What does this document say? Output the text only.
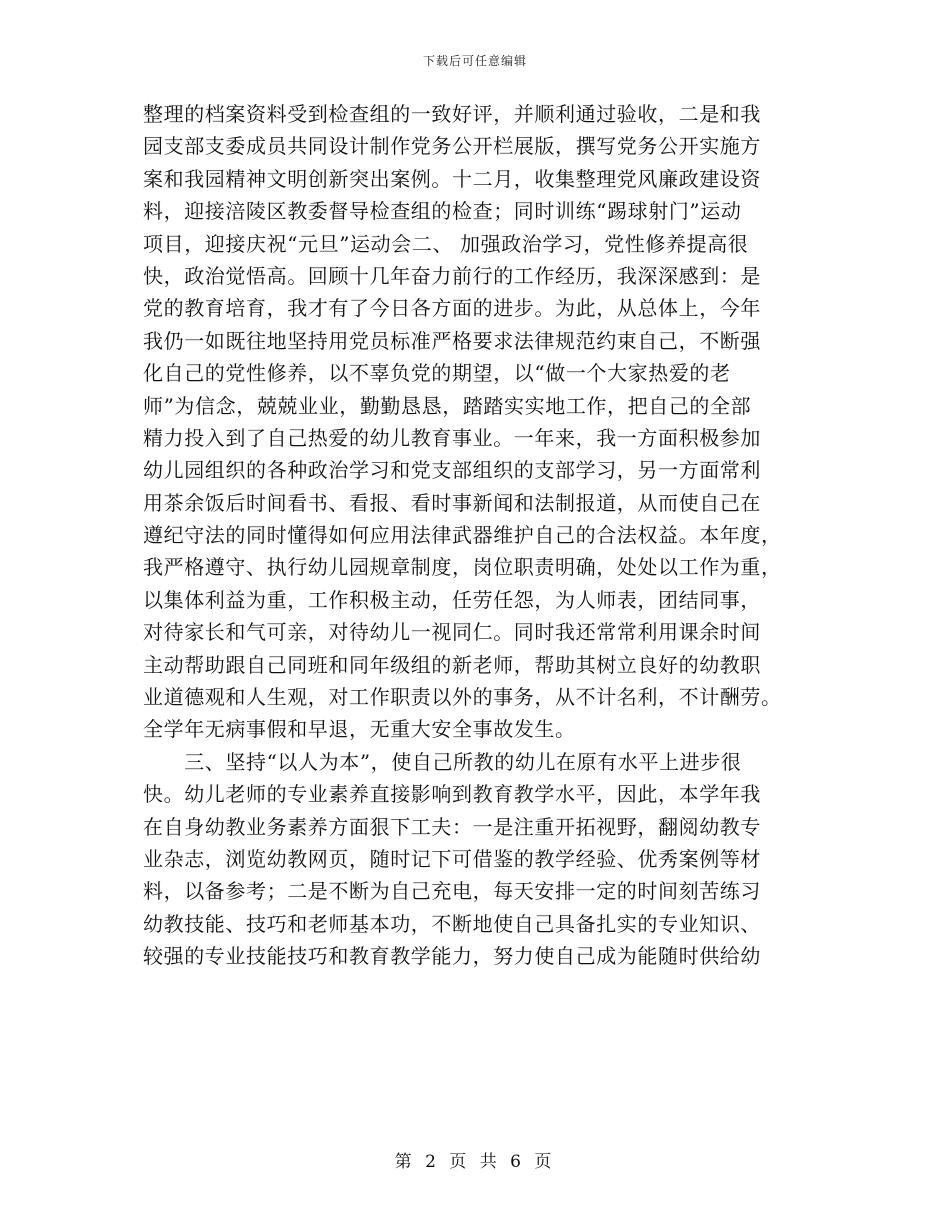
下载后可任意编辑
整理的档案资料受到检查组的一致好评，并顺利通过验收，二是和我
园支部支委成员共同设计制作党务公开栏展版，撰写党务公开实施方
案和我园精神文明创新突出案例。十二月，收集整理党风廉政建设资
料，迎接涪陵区教委督导检查组的检查；同时训练“踢球射门”运动
项目，迎接庆祝“元旦”运动会二、 加强政治学习，党性修养提高很
快，政治觉悟高。回顾十几年奋力前行的工作经历，我深深感到：是
党的教育培育，我才有了今日各方面的进步。为此，从总体上，今年
我仍一如既往地坚持用党员标准严格要求法律规范约束自己，不断强
化自己的党性修养，以不辜负党的期望，以“做一个大家热爱的老
师”为信念，兢兢业业，勤勤恳恳，踏踏实实地工作，把自己的全部
精力投入到了自己热爱的幼儿教育事业。一年来，我一方面积极参加
幼儿园组织的各种政治学习和党支部组织的支部学习，另一方面常利
用茶余饭后时间看书、看报、看时事新闻和法制报道，从而使自己在
遵纪守法的同时懂得如何应用法律武器维护自己的合法权益。本年度，
我严格遵守、执行幼儿园规章制度，岗位职责明确，处处以工作为重，
以集体利益为重，工作积极主动，任劳任怨，为人师表，团结同事，
对待家长和气可亲，对待幼儿一视同仁。同时我还常常利用课余时间
主动帮助跟自己同班和同年级组的新老师，帮助其树立良好的幼教职
业道德观和人生观，对工作职责以外的事务，从不计名利，不计酬劳。
全学年无病事假和早退，无重大安全事故发生。
　　三、坚持“以人为本”，使自己所教的幼儿在原有水平上进步很
快。幼儿老师的专业素养直接影响到教育教学水平，因此，本学年我
在自身幼教业务素养方面狠下工夫：一是注重开拓视野，翻阅幼教专
业杂志，浏览幼教网页，随时记下可借鉴的教学经验、优秀案例等材
料，以备参考；二是不断为自己充电，每天安排一定的时间刻苦练习
幼教技能、技巧和老师基本功，不断地使自己具备扎实的专业知识、
较强的专业技能技巧和教育教学能力，努力使自己成为能随时供给幼
第 2 页 共 6 页
